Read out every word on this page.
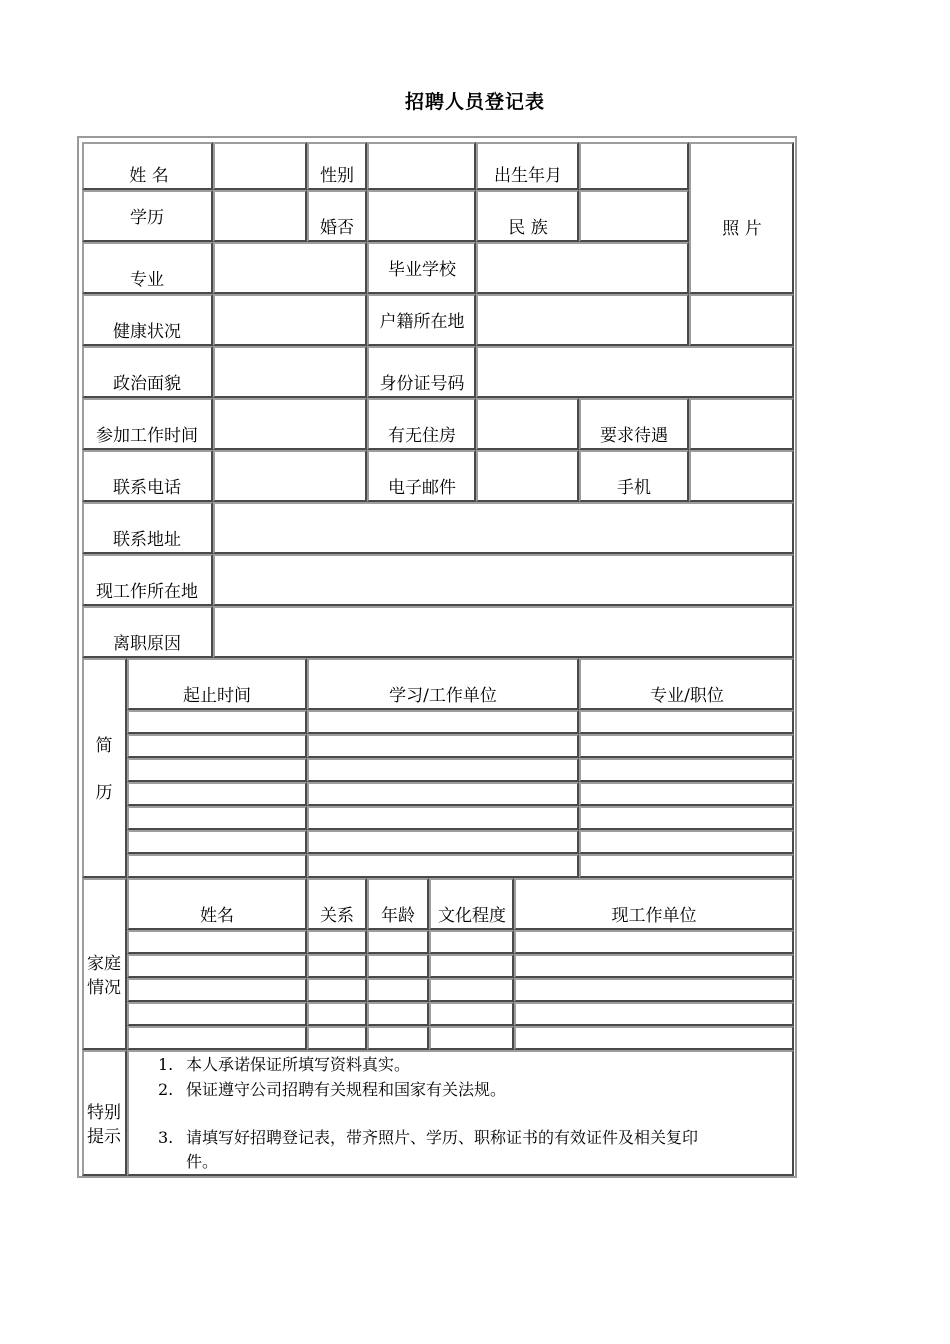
招聘人员登记表
姓 名	性别	出生年月
照 片
学历	婚否	民 族
专业	毕业学校
健康状况	户籍所在地
政治面貌	身份证号码
参加工作时间	有无住房	要求待遇
联系电话	电子邮件	手机
联系地址
现工作所在地
离职原因
简
历
起止时间	学习/工作单位	专业/职位
家庭
情况
姓名	关系 年龄 文化程度	现工作单位
特别
提示
1. 本人承诺保证所填写资料真实。
2. 保证遵守公司招聘有关规程和国家有关法规。
3. 请填写好招聘登记表，带齐照片、学历、职称证书的有效证件及相关复印
件。
